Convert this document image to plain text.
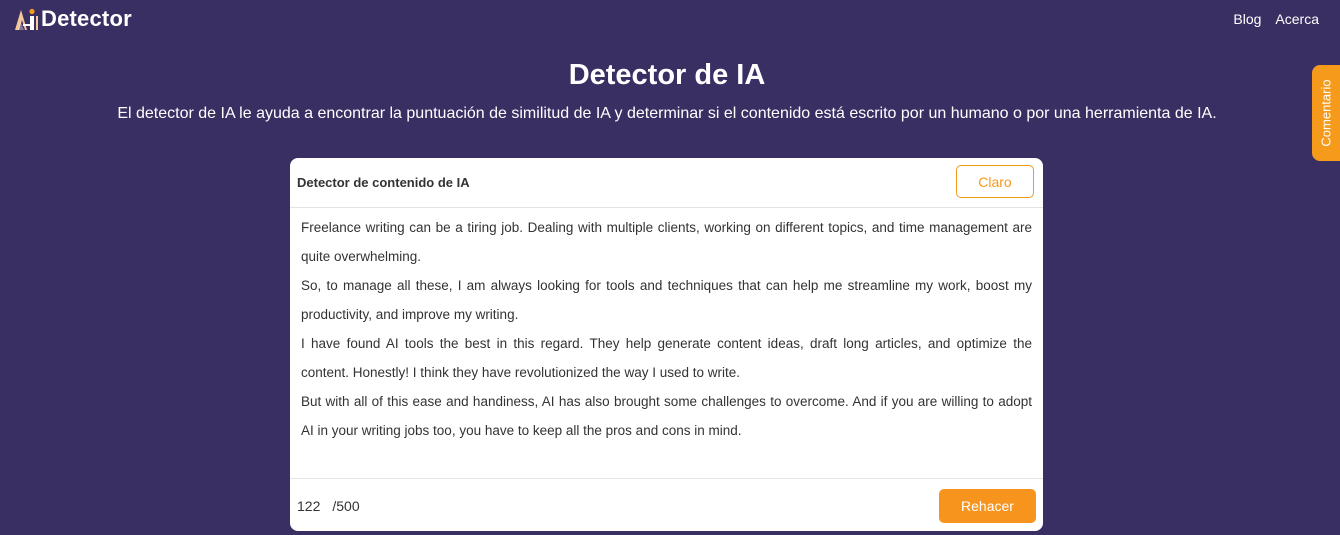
Detector	Blog Acerca
Detector de IA
El detector de IA le ayuda a encontrar la puntuación de similitud de IA y determinar si el contenido está escrito por un humano o por una herramienta de IA.	Comentario
Detector de contenido de IA	Claro

Freelance writing can be a tiring job. Dealing with multiple clients, working on different topics, and time management are quite overwhelming.

So, to manage all these, I am always looking for tools and techniques that can help me streamline my work, boost my productivity, and improve my writing.

I have found AI tools the best in this regard. They help generate content ideas, draft long articles, and optimize the content. Honestly! I think they have revolutionized the way I used to write.

But with all of this ease and handiness, AI has also brought some challenges to overcome. And if you are willing to adopt AI in your writing jobs too, you have to keep all the pros and cons in mind.

122 /500	Rehacer
